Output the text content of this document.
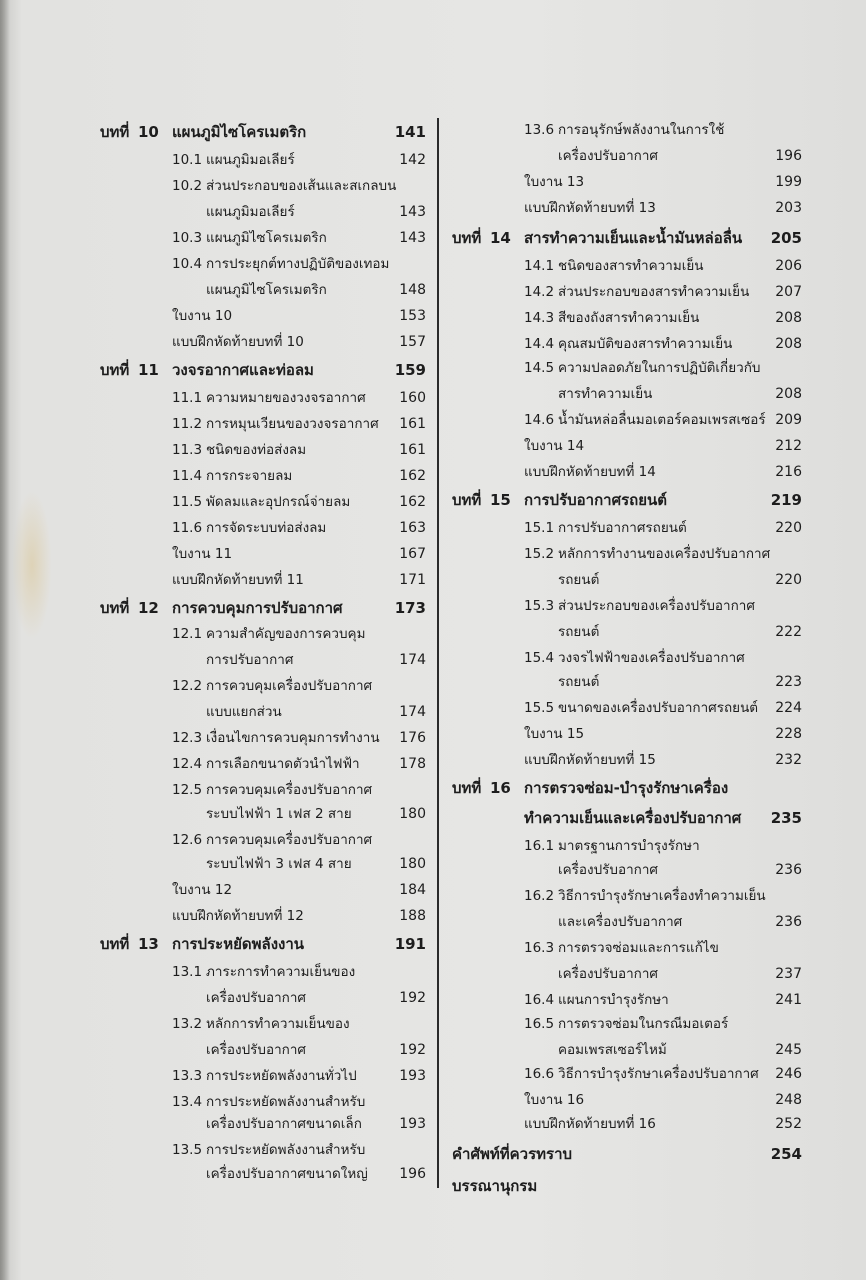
บทที่ 10 แผนภูมิไซโครเมตริก	141
10.1 แผนภูมิมอเลียร์	142
10.2 ส่วนประกอบของเส้นและสเกลบน
แผนภูมิมอเลียร์	143
10.3 แผนภูมิไซโครเมตริก	143
10.4 การประยุกต์ทางปฏิบัติของเทอม
แผนภูมิไซโครเมตริก	148
ใบงาน 10	153
แบบฝึกหัดท้ายบทที่ 10	157
บทที่ 11 วงจรอากาศและท่อลม	159
11.1 ความหมายของวงจรอากาศ 160
11.2 การหมุนเวียนของวงจรอากาศ 161
11.3 ชนิดของท่อส่งลม	161
11.4 การกระจายลม	162
11.5 พัดลมและอุปกรณ์จ่ายลม	162
11.6 การจัดระบบท่อส่งลม	163
ใบงาน 11	167
แบบฝึกหัดท้ายบทที่ 11	171
บทที่ 12 การควบคุมการปรับอากาศ	173
12.1 ความสำคัญของการควบคุม
การปรับอากาศ	174
12.2 การควบคุมเครื่องปรับอากาศ
แบบแยกส่วน	174
12.3 เงื่อนไขการควบคุมการทำงาน 176
12.4 การเลือกขนาดตัวนำไฟฟ้า	178
12.5 การควบคุมเครื่องปรับอากาศ
ระบบไฟฟ้า 1 เฟส 2 สาย	180
12.6 การควบคุมเครื่องปรับอากาศ
ระบบไฟฟ้า 3 เฟส 4 สาย	180
ใบงาน 12	184
แบบฝึกหัดท้ายบทที่ 12	188
บทที่ 13 การประหยัดพลังงาน	191
13.1 ภาระการทำความเย็นของ
เครื่องปรับอากาศ	192
13.2 หลักการทำความเย็นของ
เครื่องปรับอากาศ	192
13.3 การประหยัดพลังงานทั่วไป	193
13.4 การประหยัดพลังงานสำหรับ
เครื่องปรับอากาศขนาดเล็ก	193
13.5 การประหยัดพลังงานสำหรับ
เครื่องปรับอากาศขนาดใหญ่ 196
13.6 การอนุรักษ์พลังงานในการใช้
เครื่องปรับอากาศ	196
ใบงาน 13	199
แบบฝึกหัดท้ายบทที่ 13	203
บทที่ 14 สารทำความเย็นและน้ำมันหล่อลื่น 205
14.1 ชนิดของสารทำความเย็น	206
14.2 ส่วนประกอบของสารทำความเย็น 207
14.3 สีของถังสารทำความเย็น	208
14.4 คุณสมบัติของสารทำความเย็น	208
14.5 ความปลอดภัยในการปฏิบัติเกี่ยวกับ
สารทำความเย็น	208
14.6 น้ำมันหล่อลื่นมอเตอร์คอมเพรสเซอร์ 209
ใบงาน 14	212
แบบฝึกหัดท้ายบทที่ 14	216
บทที่ 15 การปรับอากาศรถยนต์	219
15.1 การปรับอากาศรถยนต์	220
15.2 หลักการทำงานของเครื่องปรับอากาศ
รถยนต์	220
15.3 ส่วนประกอบของเครื่องปรับอากาศ
รถยนต์	222
15.4 วงจรไฟฟ้าของเครื่องปรับอากาศ
รถยนต์	223
15.5 ขนาดของเครื่องปรับอากาศรถยนต์ 224
ใบงาน 15	228
แบบฝึกหัดท้ายบทที่ 15	232
บทที่ 16 การตรวจซ่อม-บำรุงรักษาเครื่อง
ทำความเย็นและเครื่องปรับอากาศ 235
16.1 มาตรฐานการบำรุงรักษา
เครื่องปรับอากาศ	236
16.2 วิธีการบำรุงรักษาเครื่องทำความเย็น
และเครื่องปรับอากาศ	236
16.3 การตรวจซ่อมและการแก้ไข
เครื่องปรับอากาศ	237
16.4 แผนการบำรุงรักษา	241
16.5 การตรวจซ่อมในกรณีมอเตอร์
คอมเพรสเซอร์ไหม้	245
16.6 วิธีการบำรุงรักษาเครื่องปรับอากาศ 246
ใบงาน 16	248
แบบฝึกหัดท้ายบทที่ 16	252
คำศัพท์ที่ควรทราบ	254
บรรณานุกรม
